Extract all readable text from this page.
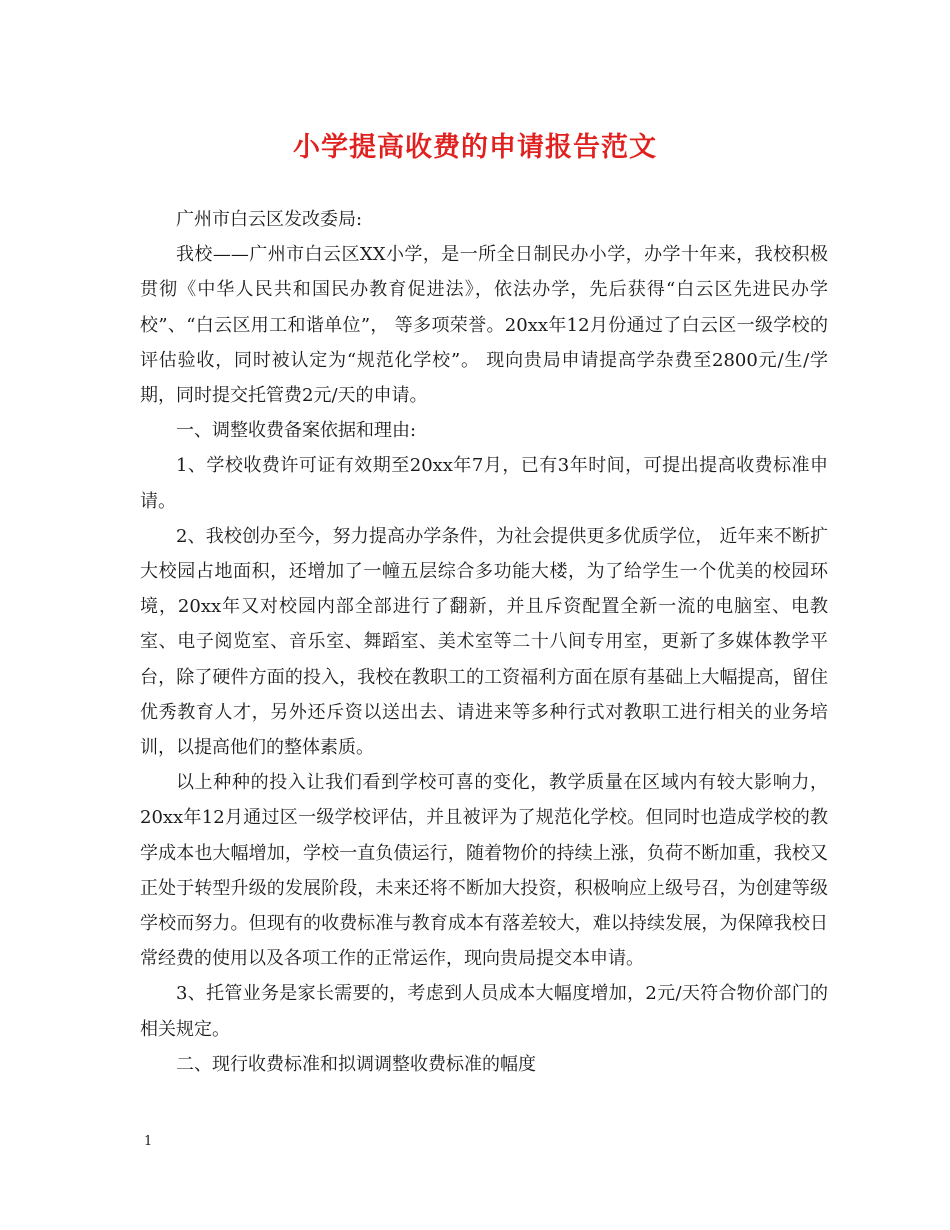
小学提高收费的申请报告范文

广州市白云区发改委局:

我校——广州市白云区XX小学，是一所全日制民办小学，办学十年来，我校积极贯彻《中华人民共和国民办教育促进法》，依法办学，先后获得“白云区先进民办学校”、“白云区用工和谐单位”， 等多项荣誉。20xx年12月份通过了白云区一级学校的评估验收，同时被认定为“规范化学校”。 现向贵局申请提高学杂费至2800元/生/学期，同时提交托管费2元/天的申请。

一、调整收费备案依据和理由:

1、学校收费许可证有效期至20xx年7月，已有3年时间，可提出提高收费标准申请。

2、我校创办至今，努力提高办学条件，为社会提供更多优质学位， 近年来不断扩大校园占地面积，还增加了一幢五层综合多功能大楼，为了给学生一个优美的校园环境，20xx年又对校园内部全部进行了翻新，并且斥资配置全新一流的电脑室、电教室、电子阅览室、音乐室、舞蹈室、美术室等二十八间专用室，更新了多媒体教学平台，除了硬件方面的投入，我校在教职工的工资福利方面在原有基础上大幅提高，留住优秀教育人才，另外还斥资以送出去、请进来等多种行式对教职工进行相关的业务培训，以提高他们的整体素质。

以上种种的投入让我们看到学校可喜的变化，教学质量在区域内有较大影响力，20xx年12月通过区一级学校评估，并且被评为了规范化学校。但同时也造成学校的教学成本也大幅增加，学校一直负债运行，随着物价的持续上涨，负荷不断加重，我校又正处于转型升级的发展阶段，未来还将不断加大投资，积极响应上级号召，为创建等级学校而努力。但现有的收费标准与教育成本有落差较大，难以持续发展，为保障我校日常经费的使用以及各项工作的正常运作，现向贵局提交本申请。

3、托管业务是家长需要的，考虑到人员成本大幅度增加，2元/天符合物价部门的相关规定。

二、现行收费标准和拟调调整收费标准的幅度

1
